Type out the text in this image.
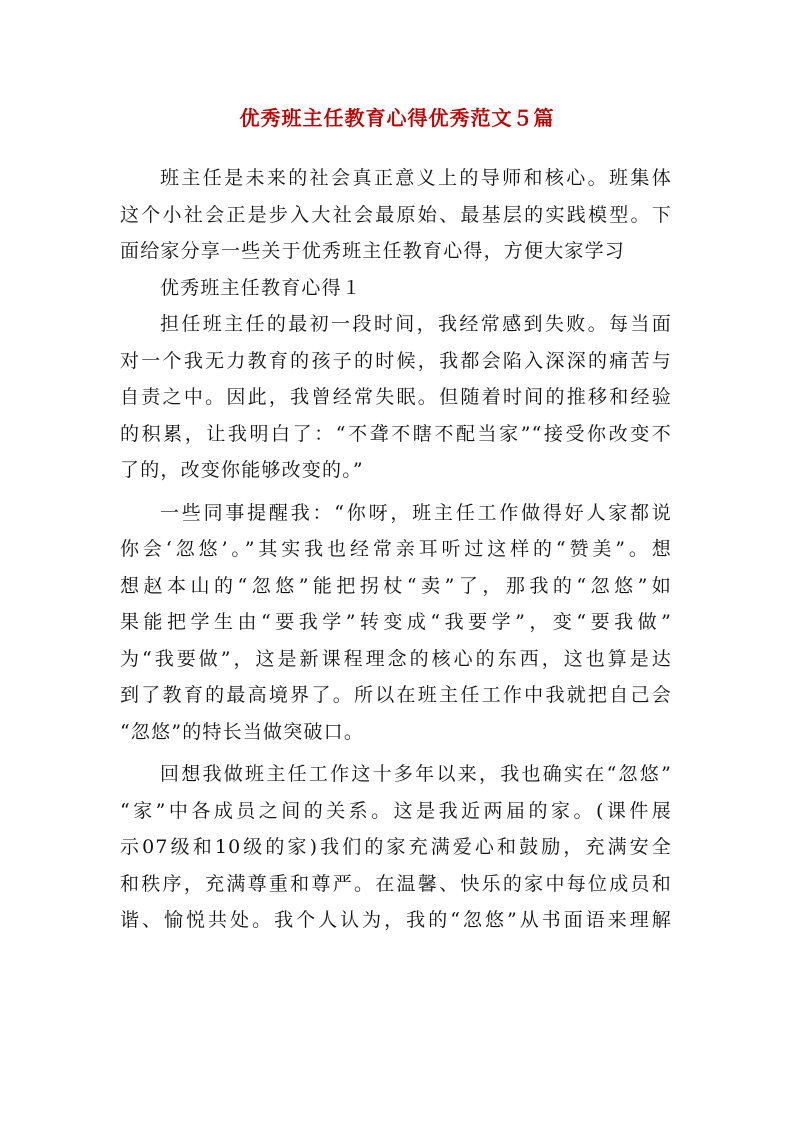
优秀班主任教育心得优秀范文５篇
班主任是未来的社会真正意义上的导师和核心。班集体
这个小社会正是步入大社会最原始、最基层的实践模型。下
面给家分享一些关于优秀班主任教育心得，方便大家学习
优秀班主任教育心得１
担任班主任的最初一段时间，我经常感到失败。每当面
对一个我无力教育的孩子的时候，我都会陷入深深的痛苦与
自责之中。因此，我曾经常失眠。但随着时间的推移和经验
的积累，让我明白了：“不聋不瞎不配当家”“接受你改变不
了的，改变你能够改变的。”
一些同事提醒我：“你呀，班主任工作做得好人家都说
你会‘忽悠’。”其实我也经常亲耳听过这样的“赞美”。想
想赵本山的“忽悠”能把拐杖“卖”了，那我的“忽悠”如
果能把学生由“要我学”转变成“我要学”，变“要我做”
为“我要做”，这是新课程理念的核心的东西，这也算是达
到了教育的最高境界了。所以在班主任工作中我就把自己会
“忽悠”的特长当做突破口。
回想我做班主任工作这十多年以来，我也确实在“忽悠”
“家”中各成员之间的关系。这是我近两届的家。(课件展
示07级和10级的家)我们的家充满爱心和鼓励，充满安全
和秩序，充满尊重和尊严。在温馨、快乐的家中每位成员和
谐、愉悦共处。我个人认为，我的“忽悠”从书面语来理解
